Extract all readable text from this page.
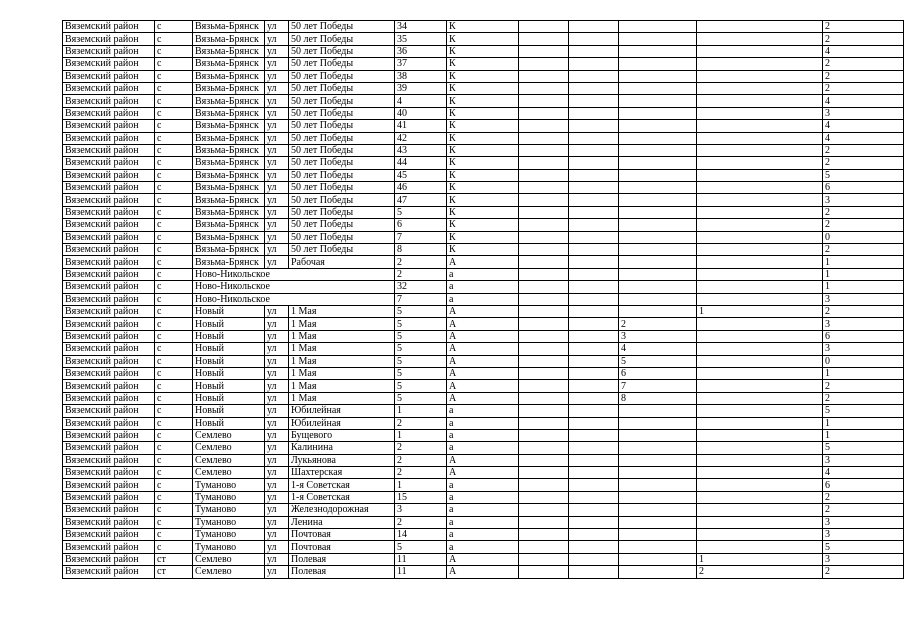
Вяземский район	с	Вязьма-Брянск	ул	50 лет Победы	34	К					2
Вяземский район	с	Вязьма-Брянск	ул	50 лет Победы	35	К					2
Вяземский район	с	Вязьма-Брянск	ул	50 лет Победы	36	К					4
Вяземский район	с	Вязьма-Брянск	ул	50 лет Победы	37	К					2
Вяземский район	с	Вязьма-Брянск	ул	50 лет Победы	38	К					2
Вяземский район	с	Вязьма-Брянск	ул	50 лет Победы	39	К					2
Вяземский район	с	Вязьма-Брянск	ул	50 лет Победы	4	К					4
Вяземский район	с	Вязьма-Брянск	ул	50 лет Победы	40	К					3
Вяземский район	с	Вязьма-Брянск	ул	50 лет Победы	41	К					4
Вяземский район	с	Вязьма-Брянск	ул	50 лет Победы	42	К					4
Вяземский район	с	Вязьма-Брянск	ул	50 лет Победы	43	К					2
Вяземский район	с	Вязьма-Брянск	ул	50 лет Победы	44	К					2
Вяземский район	с	Вязьма-Брянск	ул	50 лет Победы	45	К					5
Вяземский район	с	Вязьма-Брянск	ул	50 лет Победы	46	К					6
Вяземский район	с	Вязьма-Брянск	ул	50 лет Победы	47	К					3
Вяземский район	с	Вязьма-Брянск	ул	50 лет Победы	5	К					2
Вяземский район	с	Вязьма-Брянск	ул	50 лет Победы	6	К					2
Вяземский район	с	Вязьма-Брянск	ул	50 лет Победы	7	К					0
Вяземский район	с	Вязьма-Брянск	ул	50 лет Победы	8	К					2
Вяземский район	с	Вязьма-Брянск	ул	Рабочая	2	А					1
Вяземский район	с	Ново-Никольское			2	а					1
Вяземский район	с	Ново-Никольское			32	а					1
Вяземский район	с	Ново-Никольское			7	а					3
Вяземский район	с	Новый	ул	1 Мая	5	А				1	2
Вяземский район	с	Новый	ул	1 Мая	5	А			2		3
Вяземский район	с	Новый	ул	1 Мая	5	А			3		6
Вяземский район	с	Новый	ул	1 Мая	5	А			4		3
Вяземский район	с	Новый	ул	1 Мая	5	А			5		0
Вяземский район	с	Новый	ул	1 Мая	5	А			6		1
Вяземский район	с	Новый	ул	1 Мая	5	А			7		2
Вяземский район	с	Новый	ул	1 Мая	5	А			8		2
Вяземский район	с	Новый	ул	Юбилейная	1	а					5
Вяземский район	с	Новый	ул	Юбилейная	2	а					1
Вяземский район	с	Семлево	ул	Бущевого	1	а					1
Вяземский район	с	Семлево	ул	Калинина	2	а					5
Вяземский район	с	Семлево	ул	Лукьянова	2	А					3
Вяземский район	с	Семлево	ул	Шахтерская	2	А					4
Вяземский район	с	Туманово	ул	1-я Советская	1	а					6
Вяземский район	с	Туманово	ул	1-я Советская	15	а					2
Вяземский район	с	Туманово	ул	Железнодорожная	3	а					2
Вяземский район	с	Туманово	ул	Ленина	2	а					3
Вяземский район	с	Туманово	ул	Почтовая	14	а					3
Вяземский район	с	Туманово	ул	Почтовая	5	а					5
Вяземский район	ст	Семлево	ул	Полевая	11	А				1	3
Вяземский район	ст	Семлево	ул	Полевая	11	А				2	2
